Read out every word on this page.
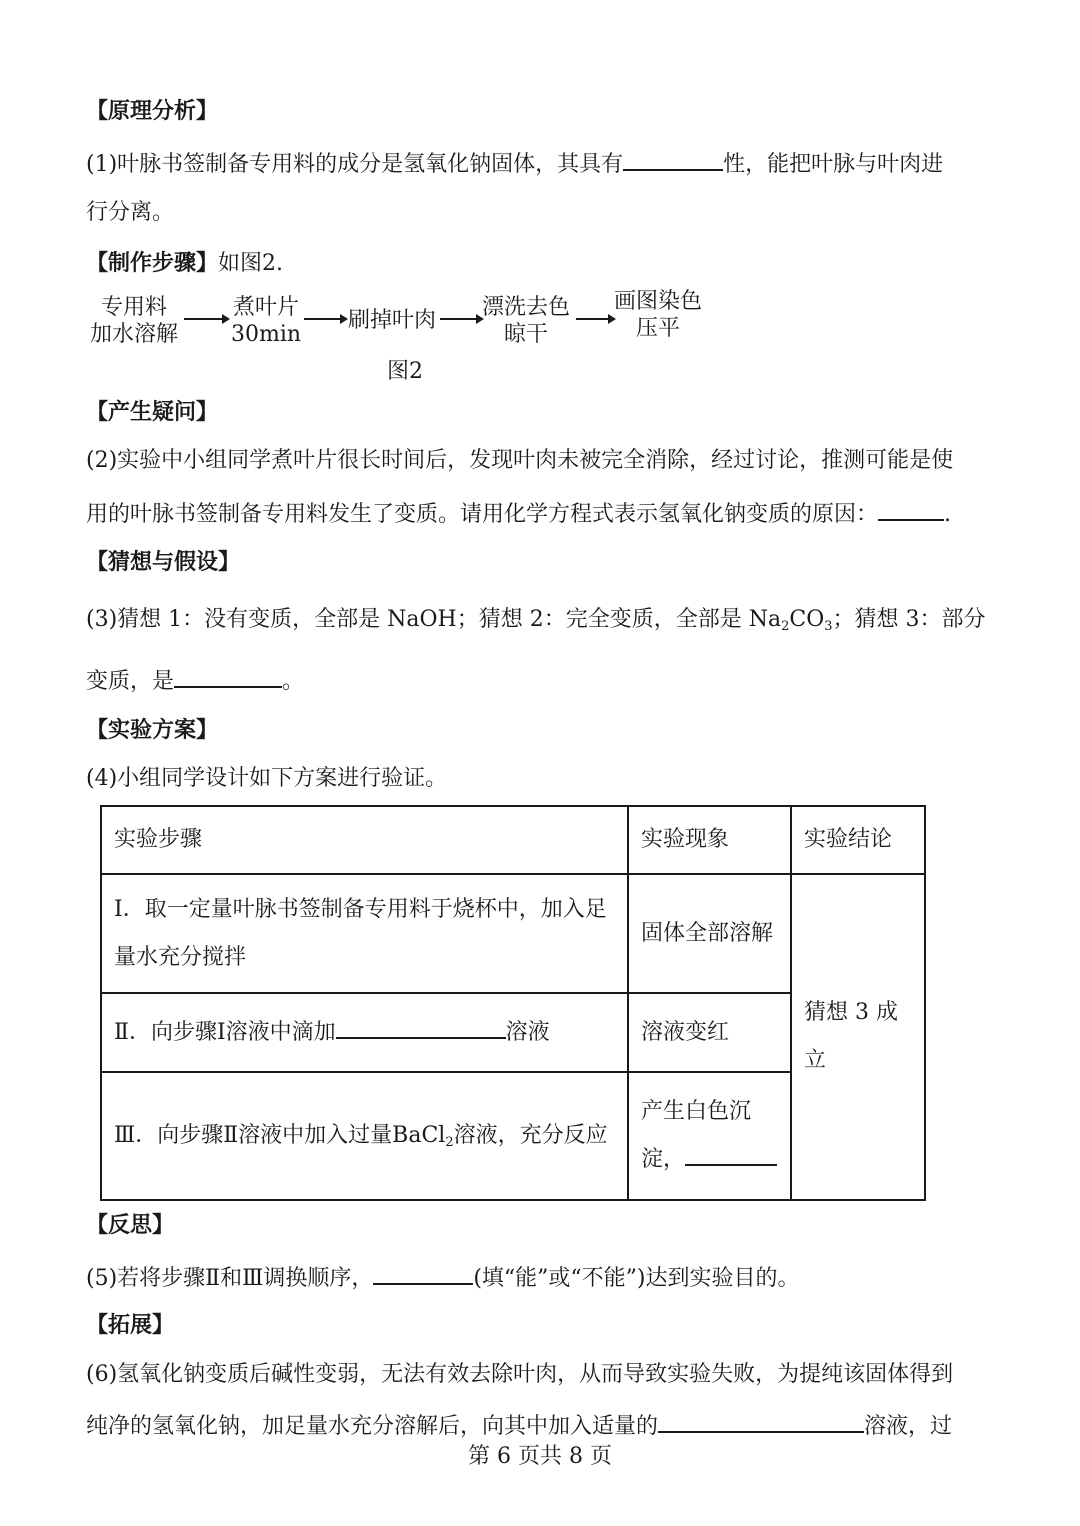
【原理分析】
(1)叶脉书签制备专用料的成分是氢氧化钠固体，其具有	性，能把叶脉与叶肉进
行分离。
【制作步骤】如图2.
专用料
加水溶解
煮叶片
30min
刷掉叶肉
漂洗去色
晾干
画图染色
压平
图2
【产生疑问】
(2)实验中小组同学煮叶片很长时间后，发现叶肉未被完全消除，经过讨论，推测可能是使
用的叶脉书签制备专用料发生了变质。请用化学方程式表示氢氧化钠变质的原因：	.
【猜想与假设】
(3)猜想 1：没有变质，全部是 NaOH；猜想 2：完全变质，全部是 $Na_2CO_3$；猜想 3：部分
变质，是	。
【实验方案】
(4)小组同学设计如下方案进行验证。
实验步骤	实验现象	实验结论
Ⅰ．取一定量叶脉书签制备专用料于烧杯中，加入足量水充分搅拌	固体全部溶解	猜想 3 成立
Ⅱ．向步骤Ⅰ溶液中滴加 溶液	溶液变红	
Ⅲ．向步骤Ⅱ溶液中加入过量BaCl$_2$溶液，充分反应	产生白色沉淀，	
【反思】
(5)若将步骤Ⅱ和Ⅲ调换顺序，	(填“能”或“不能”)达到实验目的。
【拓展】
(6)氢氧化钠变质后碱性变弱，无法有效去除叶肉，从而导致实验失败，为提纯该固体得到
纯净的氢氧化钠，加足量水充分溶解后，向其中加入适量的	溶液，过
第 6 页共 8 页
